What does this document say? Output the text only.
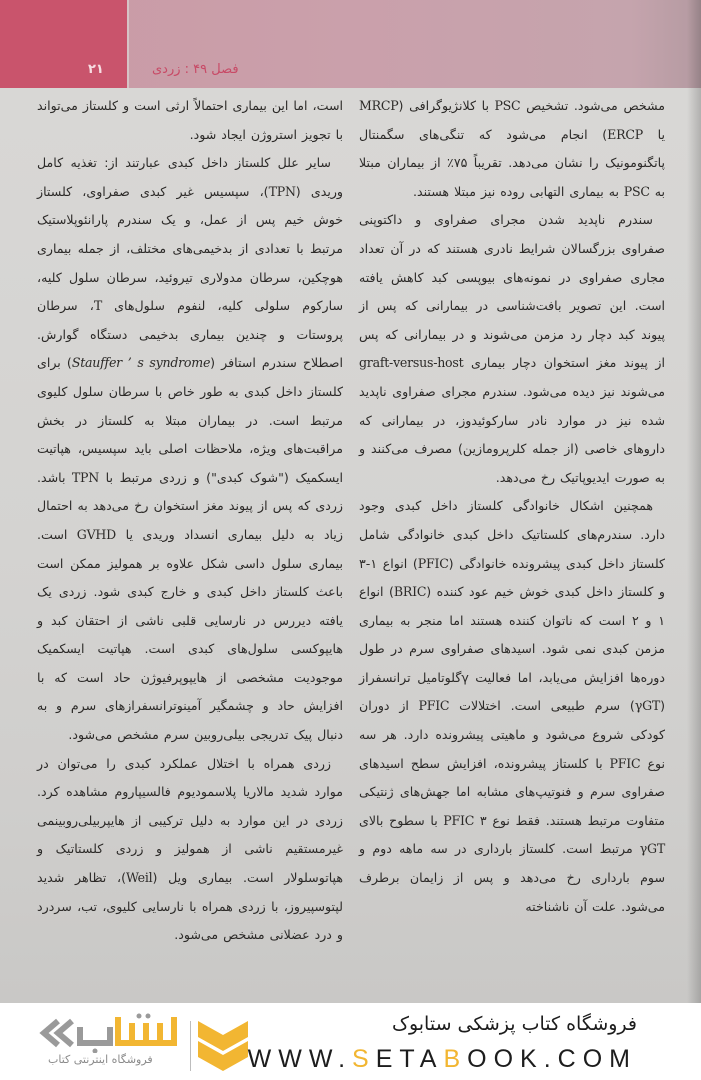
۲۱	فصل ۴۹ : زردی

مشخص می‌شود. تشخیص PSC با کلانژیوگرافی (MRCP یا ERCP) انجام می‌شود که تنگی‌های سگمنتال پاتگنومونیک را نشان می‌دهد. تقریباً ۷۵٪ از بیماران مبتلا به PSC به بیماری التهابی روده نیز مبتلا هستند.

سندرم ناپدید شدن مجرای صفراوی و داکتوپنی صفراوی بزرگسالان شرایط نادری هستند که در آن تعداد مجاری صفراوی در نمونه‌های بیوپسی کبد کاهش یافته است. این تصویر بافت‌شناسی در بیمارانی که پس از پیوند کبد دچار رد مزمن می‌شوند و در بیمارانی که پس از پیوند مغز استخوان دچار بیماری graft-versus-host می‌شوند نیز دیده می‌شود. سندرم مجرای صفراوی ناپدید شده نیز در موارد نادر سارکوئیدوز، در بیمارانی که داروهای خاصی (از جمله کلرپرومازین) مصرف می‌کنند و به صورت ایدیوپاتیک رخ می‌دهد.

همچنین اشکال خانوادگی کلستاز داخل کبدی وجود دارد. سندرم‌های کلستاتیک داخل کبدی خانوادگی شامل کلستاز داخل کبدی پیشرونده خانوادگی (PFIC) انواع ۱-۳ و کلستاز داخل کبدی خوش خیم عود کننده (BRIC) انواع ۱ و ۲ است که ناتوان کننده هستند اما منجر به بیماری مزمن کبدی نمی شود. اسیدهای صفراوی سرم در طول دوره‌ها افزایش می‌یابد، اما فعالیت γگلوتامیل ترانسفراز (γGT) سرم طبیعی است. اختلالات PFIC از دوران کودکی شروع می‌شود و ماهیتی پیشرونده دارد. هر سه نوع PFIC با کلستاز پیشرونده، افزایش سطح اسیدهای صفراوی سرم و فنوتیپ‌های مشابه اما جهش‌های ژنتیکی متفاوت مرتبط هستند. فقط نوع ۳ PFIC با سطوح بالای γGT مرتبط است. کلستاز بارداری در سه ماهه دوم و سوم بارداری رخ می‌دهد و پس از زایمان برطرف می‌شود. علت آن ناشناخته

است، اما این بیماری احتمالاً ارثی است و کلستاز می‌تواند با تجویز استروژن ایجاد شود.

سایر علل کلستاز داخل کبدی عبارتند از: تغذیه کامل وریدی (TPN)، سپسیس غیر کبدی صفراوی، کلستاز خوش خیم پس از عمل، و یک سندرم پارانئوپلاستیک مرتبط با تعدادی از بدخیمی‌های مختلف، از جمله بیماری هوچکین، سرطان مدولاری تیروئید، سرطان سلول کلیه، سارکوم سلولی کلیه، لنفوم سلول‌های T، سرطان پروستات و چندین بیماری بدخیمی دستگاه گوارش. اصطلاح سندرم استافر (Stauffer ’ s syndrome) برای کلستاز داخل کبدی به طور خاص با سرطان سلول کلیوی مرتبط است. در بیماران مبتلا به کلستاز در بخش مراقبت‌های ویژه، ملاحظات اصلی باید سپسیس، هپاتیت ایسکمیک ("شوک کبدی") و زردی مرتبط با TPN باشد. زردی که پس از پیوند مغز استخوان رخ می‌دهد به احتمال زیاد به دلیل بیماری انسداد وریدی یا GVHD است. بیماری سلول داسی شکل علاوه بر همولیز ممکن است باعث کلستاز داخل کبدی و خارج کبدی شود. زردی یک یافته دیررس در نارسایی قلبی ناشی از احتقان کبد و هایپوکسی سلول‌های کبدی است. هپاتیت ایسکمیک موجودیت مشخصی از هایپوپرفیوژن حاد است که با افزایش حاد و چشمگیر آمینوترانسفرازهای سرم و به دنبال پیک تدریجی بیلی‌روبین سرم مشخص می‌شود.

زردی همراه با اختلال عملکرد کبدی را می‌توان در موارد شدید مالاریا پلاسمودیوم فالسیپاروم مشاهده کرد. زردی در این موارد به دلیل ترکیبی از هایپربیلی‌روبینمی غیرمستقیم ناشی از همولیز و زردی کلستاتیک و هپاتوسلولار است. بیماری ویل (Weil)، تظاهر شدید لپتوسپیروز، با زردی همراه با نارسایی کلیوی، تب، سردرد و درد عضلانی مشخص می‌شود.

فروشگاه اینترنتی کتاب
فروشگاه کتاب پزشکی ستابوک
WWW.SETABOOK.COM
